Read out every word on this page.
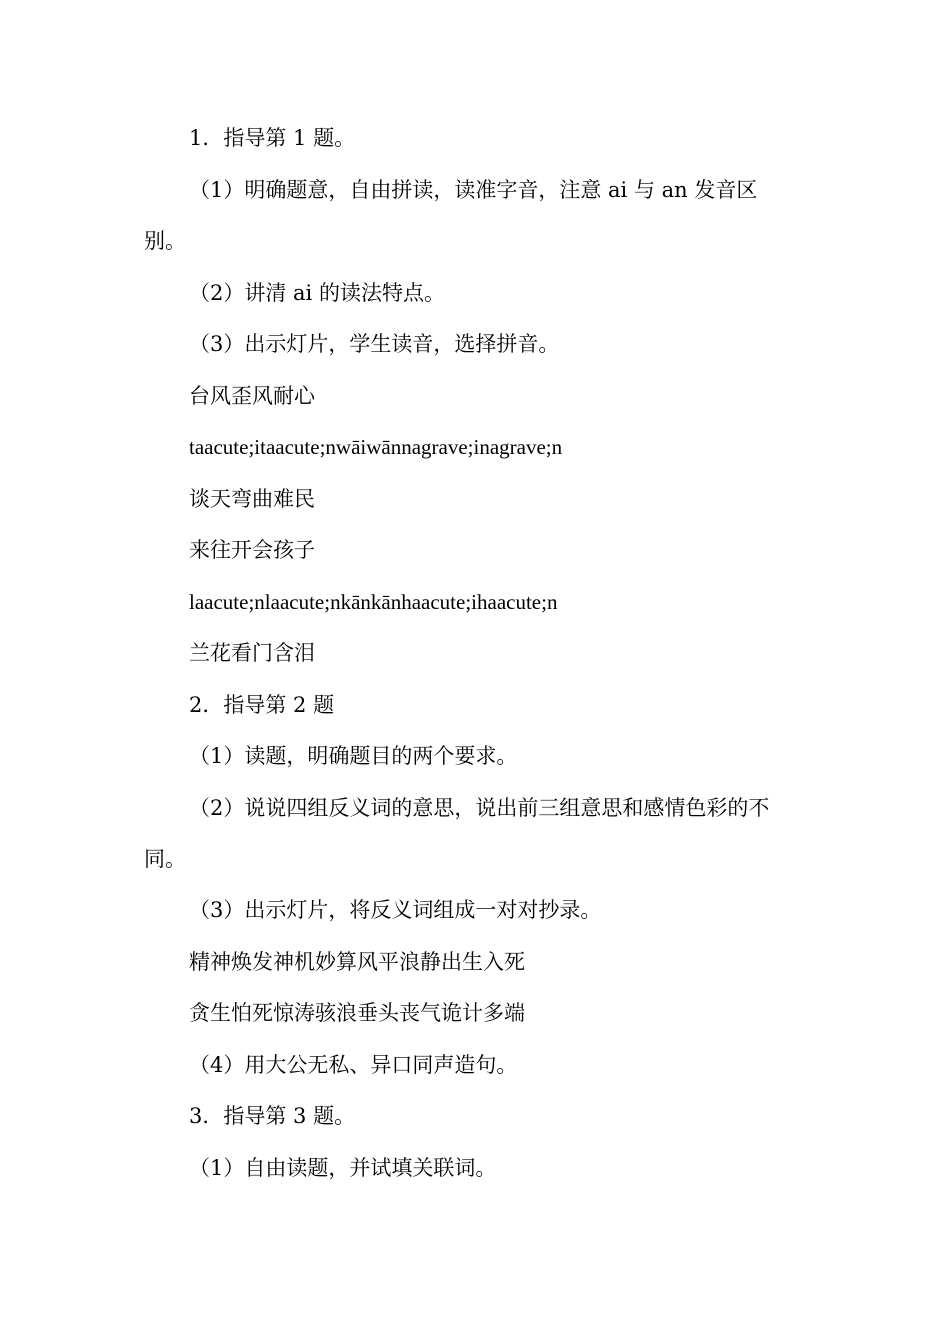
1．指导第 1 题。
（1）明确题意，自由拼读，读准字音，注意 ai 与 an 发音区
别。
（2）讲清 ai 的读法特点。
（3）出示灯片，学生读音，选择拼音。
台风歪风耐心
taacute;itaacute;nwāiwānnagrave;inagrave;n
谈天弯曲难民
来往开会孩子
laacute;nlaacute;nkānkānhaacute;ihaacute;n
兰花看门含泪
2．指导第 2 题
（1）读题，明确题目的两个要求。
（2）说说四组反义词的意思，说出前三组意思和感情色彩的不
同。
（3）出示灯片，将反义词组成一对对抄录。
精神焕发神机妙算风平浪静出生入死
贪生怕死惊涛骇浪垂头丧气诡计多端
（4）用大公无私、异口同声造句。
3．指导第 3 题。
（1）自由读题，并试填关联词。
